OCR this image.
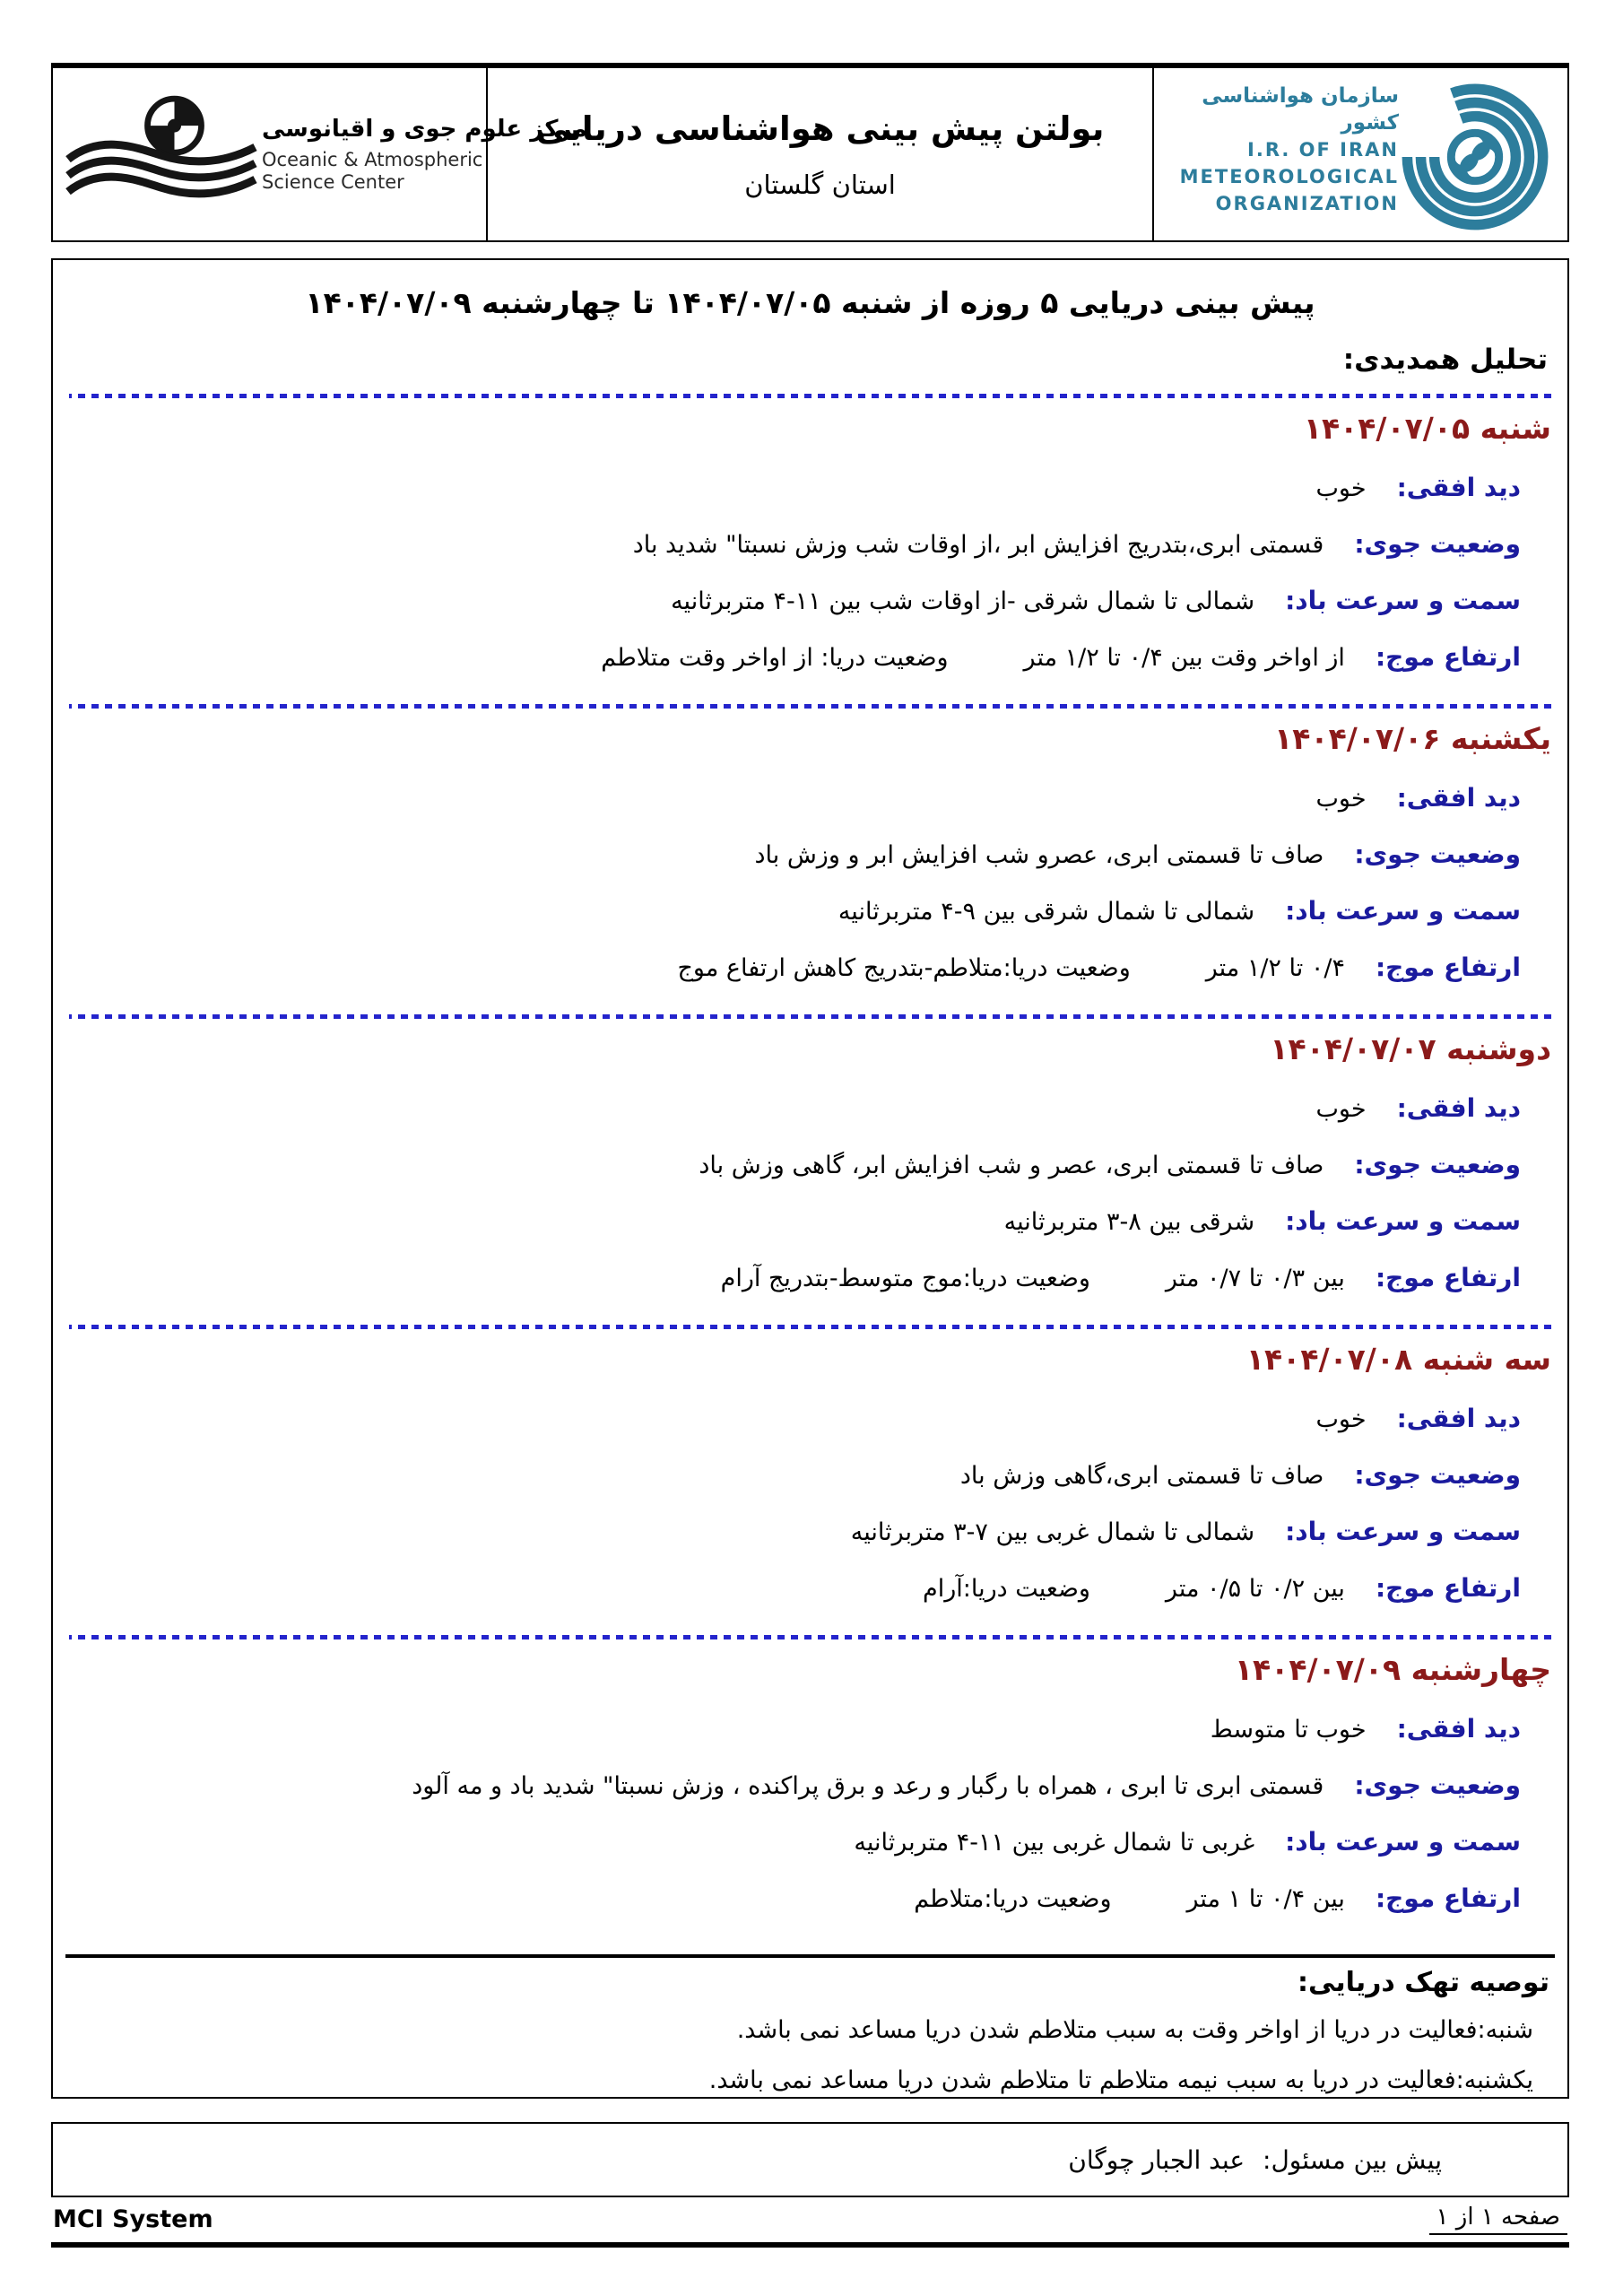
مرکز علوم جوی و اقیانوسی
Oceanic & Atmospheric
Science Center
بولتن پیش بینی هواشناسی دریایی
استان گلستان
سازمان هواشناسی کشور
I.R. OF IRAN
METEOROLOGICAL
ORGANIZATION
پیش بینی دریایی ۵ روزه از شنبه ۱۴۰۴/۰۷/۰۵ تا چهارشنبه ۱۴۰۴/۰۷/۰۹
تحلیل همدیدی:
شنبه ۱۴۰۴/۰۷/۰۵
دید افقی:خوب
وضعیت جوی:قسمتی ابری،بتدریج افزایش ابر ،از اوقات شب وزش نسبتا" شدید باد
سمت و سرعت باد:شمالی تا شمال شرقی -از اوقات شب بین ۱۱-۴ متربرثانیه
ارتفاع موج:از اواخر وقت بین ۰/۴ تا ۱/۲ متروضعیت دریا: از اواخر وقت متلاطم
یکشنبه ۱۴۰۴/۰۷/۰۶
دید افقی:خوب
وضعیت جوی:صاف تا قسمتی ابری، عصرو شب افزایش ابر و وزش باد
سمت و سرعت باد:شمالی تا شمال شرقی بین ۹-۴ متربرثانیه
ارتفاع موج:۰/۴ تا ۱/۲ متروضعیت دریا:متلاطم-بتدریج کاهش ارتفاع موج
دوشنبه ۱۴۰۴/۰۷/۰۷
دید افقی:خوب
وضعیت جوی:صاف تا قسمتی ابری، عصر و شب افزایش ابر، گاهی وزش باد
سمت و سرعت باد:شرقی بین ۸-۳ متربرثانیه
ارتفاع موج:بین ۰/۳ تا ۰/۷ متروضعیت دریا:موج متوسط-بتدریج آرام
سه شنبه ۱۴۰۴/۰۷/۰۸
دید افقی:خوب
وضعیت جوی:صاف تا قسمتی ابری،گاهی وزش باد
سمت و سرعت باد:شمالی تا شمال غربی بین ۷-۳ متربرثانیه
ارتفاع موج:بین ۰/۲ تا ۰/۵ متروضعیت دریا:آرام
چهارشنبه ۱۴۰۴/۰۷/۰۹
دید افقی:خوب تا متوسط
وضعیت جوی:قسمتی ابری تا ابری ، همراه با رگبار و رعد و برق پراکنده ، وزش نسبتا" شدید باد و مه آلود
سمت و سرعت باد:غربی تا شمال غربی بین ۱۱-۴ متربرثانیه
ارتفاع موج:بین ۰/۴ تا ۱ متروضعیت دریا:متلاطم
توصیه تهک دریایی:
شنبه:فعالیت در دریا از اواخر وقت به سبب متلاطم شدن دریا مساعد نمی باشد.
یکشنبه:فعالیت در دریا به سبب نیمه متلاطم تا متلاطم شدن دریا مساعد نمی باشد.
پیش بین مسئول:عبد الجبار چوگان
MCI System	صفحه ۱ از ۱
